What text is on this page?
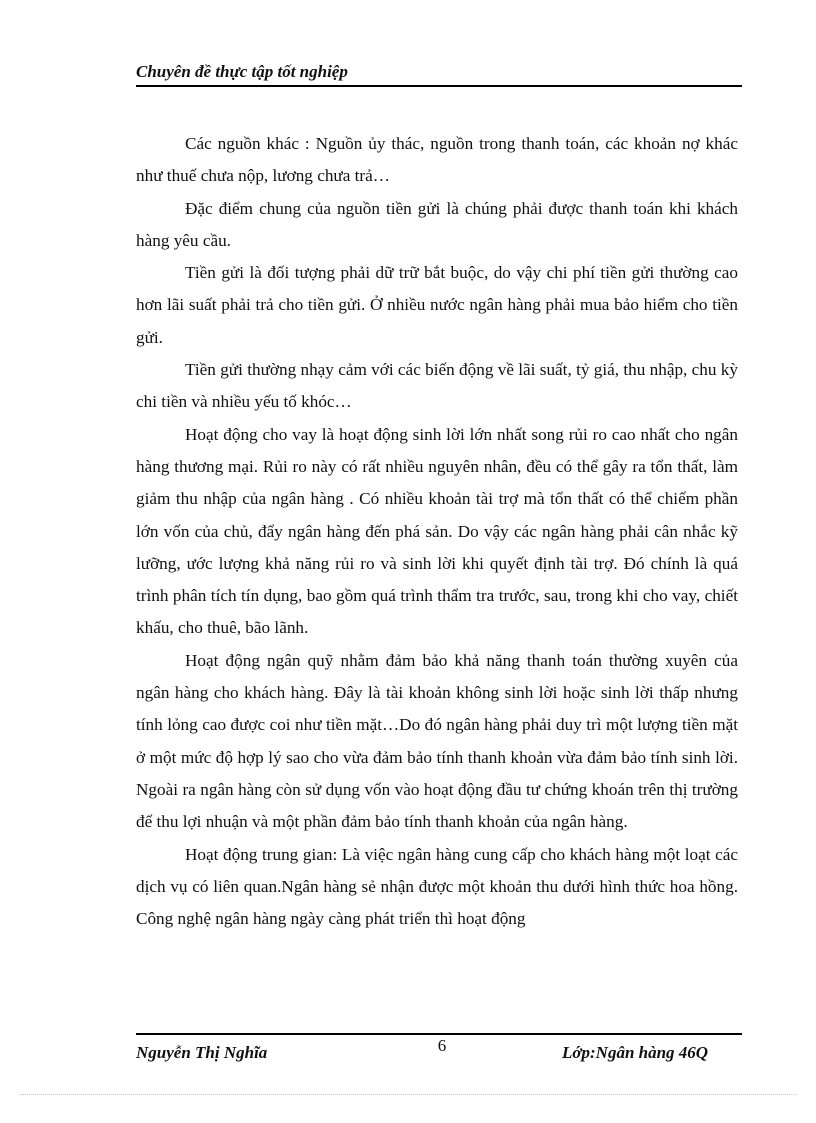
Chuyên đề thực tập tốt nghiệp

Các nguồn khác : Nguồn ủy thác, nguồn trong thanh toán, các khoản nợ khác như thuế chưa nộp, lương chưa trả…

Đặc điểm chung của nguồn tiền gửi là chúng phải được thanh toán khi khách hàng yêu cầu.

Tiền gửi là đối tượng phải dữ trữ bắt buộc, do vậy chi phí tiền gửi thường cao hơn lãi suất phải trả cho tiền gửi. Ở nhiều nước ngân hàng phải mua bảo hiểm cho tiền gửi.

Tiền gửi thường nhạy cảm với các biến động về lãi suất, tỷ giá, thu nhập, chu kỳ chi tiền và nhiều yếu tố khóc…

Hoạt động cho vay là hoạt động sinh lời lớn nhất song rủi ro cao nhất cho ngân hàng thương mại. Rủi ro này có rất nhiều nguyên nhân, đều có thể gây ra tổn thất, làm giảm thu nhập của ngân hàng . Có nhiều khoản tài trợ mà tổn thất có thể chiếm phần lớn vốn của chủ, đẩy ngân hàng đến phá sản. Do vậy các ngân hàng phải cân nhắc kỹ lưỡng, ước lượng khả năng rủi ro và sinh lời khi quyết định tài trợ. Đó chính là quá trình phân tích tín dụng, bao gồm quá trình thẩm tra trước, sau, trong khi cho vay, chiết khấu, cho thuê, bão lãnh.

Hoạt động ngân quỹ nhằm đảm bảo khả năng thanh toán thường xuyên của ngân hàng cho khách hàng. Đây là tài khoản không sinh lời hoặc sinh lời thấp nhưng tính lỏng cao được coi như tiền mặt…Do đó ngân hàng phải duy trì một lượng tiền mặt ở một mức độ hợp lý sao cho vừa đảm bảo tính thanh khoản vừa đảm bảo tính sinh lời. Ngoài ra ngân hàng còn sử dụng vốn vào hoạt động đầu tư chứng khoán trên thị trường để thu lợi nhuận và một phần đảm bảo tính thanh khoản của ngân hàng.

Hoạt động trung gian: Là việc ngân hàng cung cấp cho khách hàng một loạt các dịch vụ có liên quan.Ngân hàng sẻ nhận được một khoản thu dưới hình thức hoa hồng. Công nghệ ngân hàng ngày càng phát triển thì hoạt động

6
Nguyễn Thị Nghĩa	Lớp:Ngân hàng 46Q
